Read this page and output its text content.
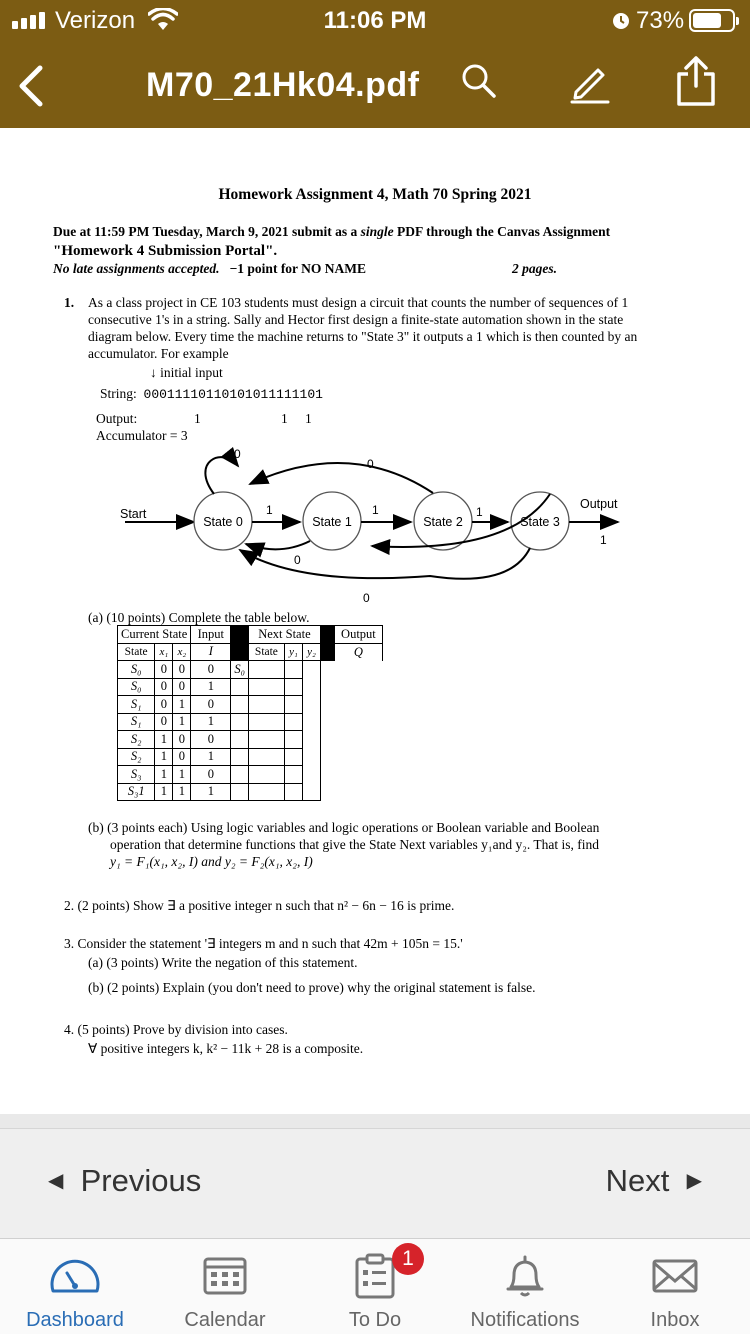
Verizon	11:06 PM	73%
M70_21Hk04.pdf
Homework Assignment 4, Math 70 Spring 2021
Due at 11:59 PM Tuesday, March 9, 2021 submit as a single PDF through the Canvas Assignment
"Homework 4 Submission Portal".
No late assignments accepted. −1 point for NO NAME	2 pages.
1. As a class project in CE 103 students must design a circuit that counts the number of sequences of 1
consecutive 1's in a string. Sally and Hector first design a finite-state automation shown in the state
diagram below. Every time the machine returns to "State 3" it outputs a 1 which is then counted by an
accumulator. For example
↓ initial input
String: 00011110110101011111101
Output:	1	1 1
Accumulator = 3
Start
State 0	State 1	State 2	State 3
0
1	1	1
0
0
0
Output
1
(a) (10 points) Complete the table below.
Current State			Input		Next State				Output
State	x₁	x₂	I		State	y₁	y₂		Q
S₀	0	0	0	S₀					
S₀	0	0	1						
S₁	0	1	0						
S₁	0	1	1						
S₂	1	0	0						
S₂	1	0	1						
S₃	1	1	0						
S₃1	1	1	1						
(b) (3 points each) Using logic variables and logic operations or Boolean variable and Boolean
operation that determine functions that give the State Next variables y₁and y₂. That is, find
y₁ = F₁(x₁, x₂, I) and y₂ = F₂(x₁, x₂, I)
2. (2 points) Show ∃ a positive integer n such that n² − 6n − 16 is prime.
3. Consider the statement '∃ integers m and n such that 42m + 105n = 15.'
(a) (3 points) Write the negation of this statement.
(b) (2 points) Explain (you don't need to prove) why the original statement is false.
4. (5 points) Prove by division into cases.
∀ positive integers k, k² − 11k + 28 is a composite.
◀ Previous	Next ▶
Dashboard	Calendar
1
To Do	Notifications	Inbox
